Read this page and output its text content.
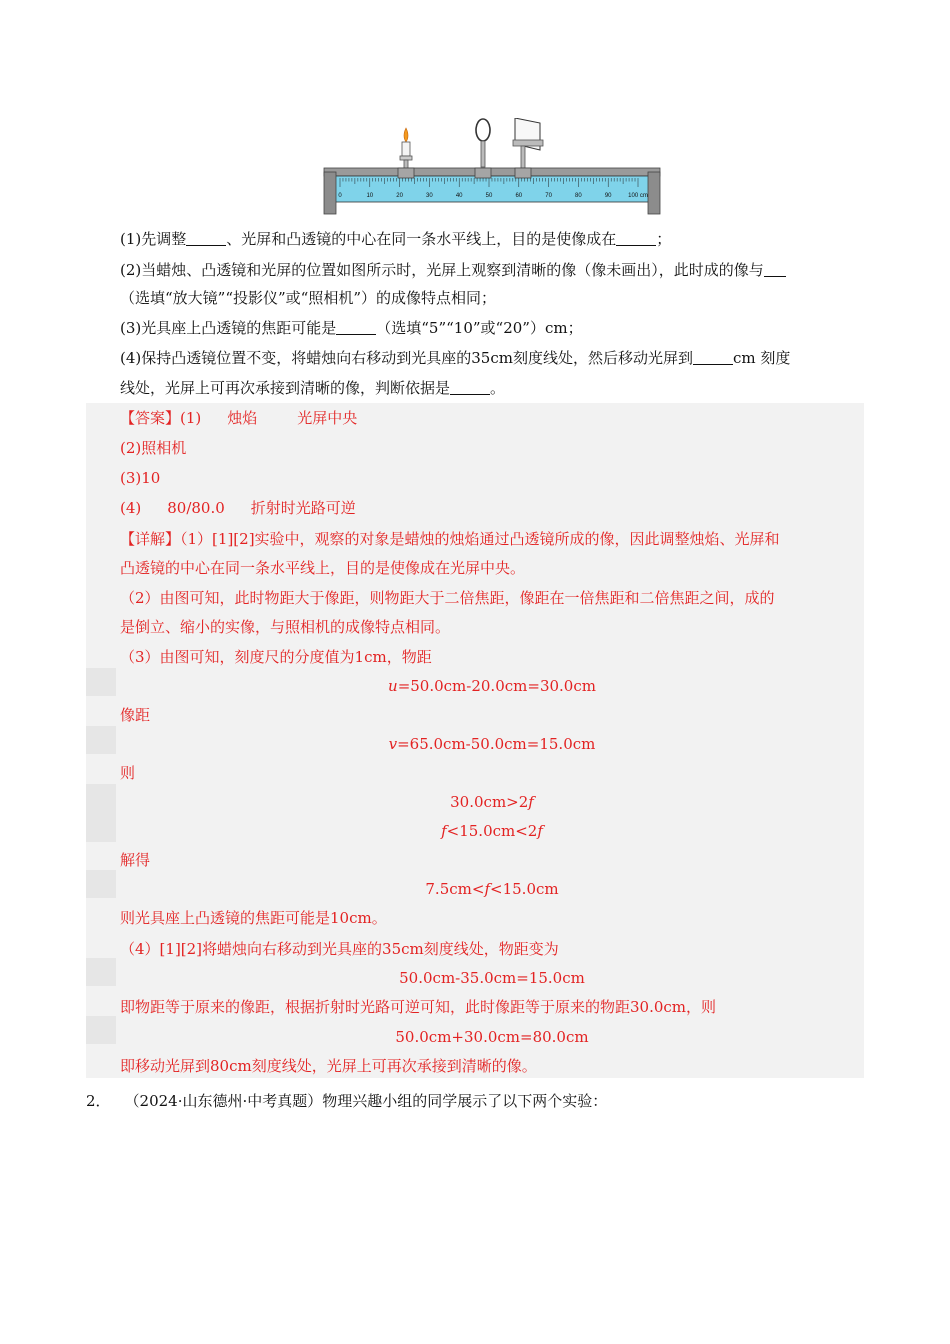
0	10	20	30	40	50	60	70	80	90	100 cm
(1)先调整	、光屏和凸透镜的中心在同一条水平线上，目的是使像成在	；
(2)当蜡烛、凸透镜和光屏的位置如图所示时，光屏上观察到清晰的像（像未画出），此时成的像与
（选填“放大镜”“投影仪”或“照相机”）的成像特点相同；
(3)光具座上凸透镜的焦距可能是	（选填“5”“10”或“20”）cm；
(4)保持凸透镜位置不变，将蜡烛向右移动到光具座的35cm刻度线处，然后移动光屏到	cm 刻度
线处，光屏上可再次承接到清晰的像，判断依据是	。
【答案】(1) 烛焰	光屏中央
(2)照相机
(3)10
(4) 80/80.0 折射时光路可逆
【详解】（1）[1][2]实验中，观察的对象是蜡烛的烛焰通过凸透镜所成的像，因此调整烛焰、光屏和
凸透镜的中心在同一条水平线上，目的是使像成在光屏中央。
（2）由图可知，此时物距大于像距，则物距大于二倍焦距，像距在一倍焦距和二倍焦距之间，成的
是倒立、缩小的实像，与照相机的成像特点相同。
（3）由图可知，刻度尺的分度值为1cm，物距
u=50.0cm-20.0cm=30.0cm
像距
v=65.0cm-50.0cm=15.0cm
则
30.0cm>2f
f<15.0cm<2f
解得
7.5cm<f<15.0cm
则光具座上凸透镜的焦距可能是10cm。
（4）[1][2]将蜡烛向右移动到光具座的35cm刻度线处，物距变为
50.0cm-35.0cm=15.0cm
即物距等于原来的像距，根据折射时光路可逆可知，此时像距等于原来的物距30.0cm，则
50.0cm+30.0cm=80.0cm
即移动光屏到80cm刻度线处，光屏上可再次承接到清晰的像。
2． （2024·山东德州·中考真题）物理兴趣小组的同学展示了以下两个实验：
